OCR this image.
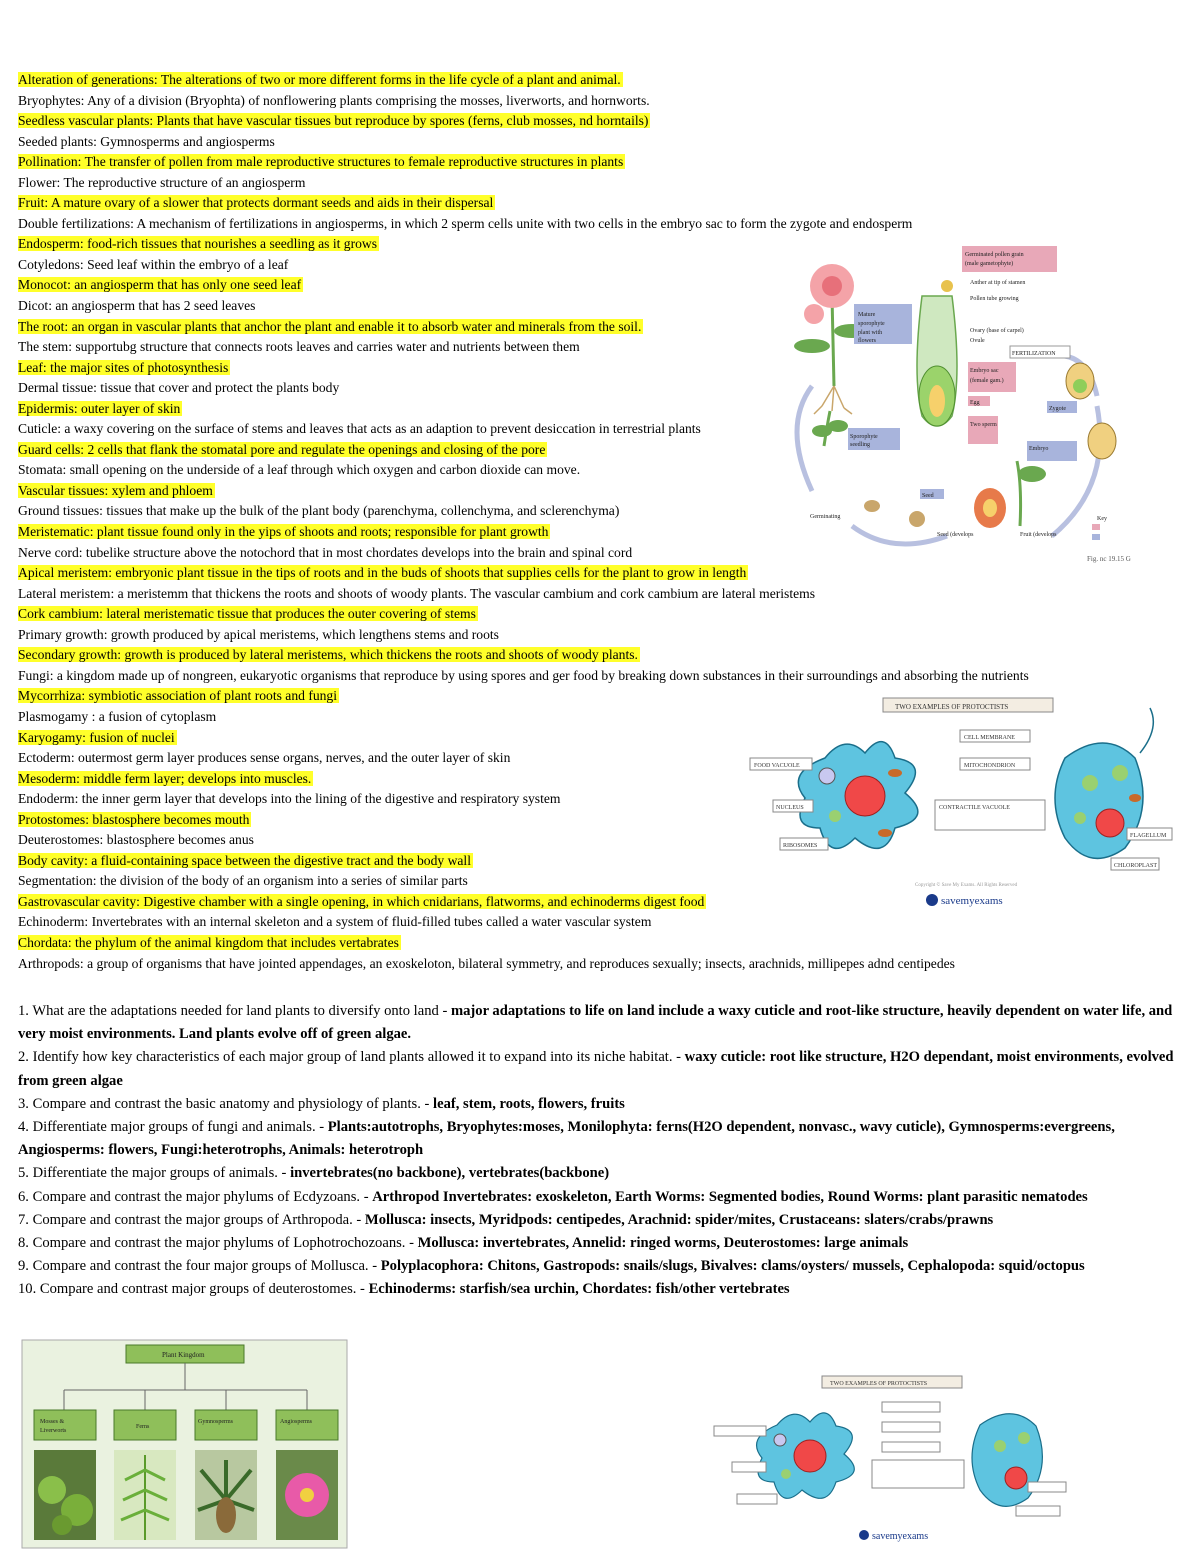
Alteration of generations: The alterations of two or more different forms in the life cycle of a plant and animal.
Bryophytes: Any of a division (Bryophta) of nonflowering plants comprising the mosses, liverworts, and hornworts.
Seedless vascular plants: Plants that have vascular tissues but reproduce by spores (ferns, club mosses, nd horntails)
Seeded plants: Gymnosperms and angiosperms
Pollination: The transfer of pollen from male reproductive structures to female reproductive structures in plants
Flower: The reproductive structure of an angiosperm
Fruit: A mature ovary of a slower that protects dormant seeds and aids in their dispersal
Double fertilizations: A mechanism of fertilizations in angiosperms, in which 2 sperm cells unite with two cells in the embryo sac to form the zygote and endosperm
Endosperm: food-rich tissues that nourishes a seedling as it grows
Cotyledons: Seed leaf within the embryo of a leaf
Monocot: an angiosperm that has only one seed leaf
Dicot: an angiosperm that has 2 seed leaves
The root: an organ in vascular plants that anchor the plant and enable it to absorb water and minerals from the soil.
The stem: supportubg structure that connects roots leaves and carries water and nutrients between them
Leaf: the major sites of photosynthesis
Dermal tissue: tissue that cover and protect the plants body
Epidermis: outer layer of skin
Cuticle: a waxy covering on the surface of stems and leaves that acts as an adaption to prevent desiccation in terrestrial plants
Guard cells: 2 cells that flank the stomatal pore and regulate the openings and closing of the pore
Stomata: small opening on the underside of a leaf through which oxygen and carbon dioxide can move.
Vascular tissues: xylem and phloem
Ground tissues: tissues that make up the bulk of the plant body (parenchyma, collenchyma, and sclerenchyma)
Meristematic: plant tissue found only in the yips of shoots and roots; responsible for plant growth
Nerve cord: tubelike structure above the notochord that in most chordates develops into the brain and spinal cord
Apical meristem: embryonic plant tissue in the tips of roots and in the buds of shoots that supplies cells for the plant to grow in length
Lateral meristem: a meristemm that thickens the roots and shoots of woody plants. The vascular cambium and cork cambium are lateral meristems
Cork cambium: lateral meristematic tissue that produces the outer covering of stems
Primary growth: growth produced by apical meristems, which lengthens stems and roots
Secondary growth: growth is produced by lateral meristems, which thickens the roots and shoots of woody plants.
Fungi: a kingdom made up of nongreen, eukaryotic organisms that reproduce by using spores and ger food by breaking down substances in their surroundings and absorbing the nutrients
Mycorrhiza: symbiotic association of plant roots and fungi
Plasmogamy : a fusion of cytoplasm
Karyogamy: fusion of nuclei
Ectoderm: outermost germ layer produces sense organs, nerves, and the outer layer of skin
Mesoderm: middle ferm layer; develops into muscles.
Endoderm: the inner germ layer that develops into the lining of the digestive and respiratory system
Protostomes: blastosphere becomes mouth
Deuterostomes: blastosphere becomes anus
Body cavity: a fluid-containing space between the digestive tract and the body wall
Segmentation: the division of the body of an organism into a series of similar parts
Gastrovascular cavity: Digestive chamber with a single opening, in which cnidarians, flatworms, and echinoderms digest food
Echinoderm: Invertebrates with an internal skeleton and a system of fluid-filled tubes called a water vascular system
Chordata: the phylum of the animal kingdom that includes vertabrates
Arthropods: a group of organisms that have jointed appendages, an exoskeloton, bilateral symmetry, and reproduces sexually; insects, arachnids, millipepes adnd centipedes
1. What are the adaptations needed for land plants to diversify onto land - major adaptations to life on land include a waxy cuticle and root-like structure, heavily dependent on water life, and very moist environments. Land plants evolve off of green algae.
2. Identify how key characteristics of each major group of land plants allowed it to expand into its niche habitat. - waxy cuticle: root like structure, H2O dependant, moist environments, evolved from green algae
3. Compare and contrast the basic anatomy and physiology of plants. - leaf, stem, roots, flowers, fruits
4. Differentiate major groups of fungi and animals. - Plants:autotrophs, Bryophytes:moses, Monilophyta: ferns(H2O dependent, nonvasc., wavy cuticle), Gymnosperms:evergreens, Angiosperms: flowers, Fungi:heterotrophs, Animals: heterotroph
5. Differentiate the major groups of animals. - invertebrates(no backbone), vertebrates(backbone)
6. Compare and contrast the major phylums of Ecdyzoans. - Arthropod Invertebrates: exoskeleton, Earth Worms: Segmented bodies, Round Worms: plant parasitic nematodes
7. Compare and contrast the major groups of Arthropoda. - Mollusca: insects, Myridpods: centipedes, Arachnid: spider/mites, Crustaceans: slaters/crabs/prawns
8. Compare and contrast the major phylums of Lophotrochozoans. - Mollusca: invertebrates, Annelid: ringed worms, Deuterostomes: large animals
9. Compare and contrast the four major groups of Mollusca. - Polyplacophora: Chitons, Gastropods: snails/slugs, Bivalves: clams/oysters/ mussels, Cephalopoda: squid/octopus
10. Compare and contrast major groups of deuterostomes. - Echinoderms: starfish/sea urchin, Chordates: fish/other vertebrates
Mature
sporophyte
plant with
flowers
Germinated pollen grain
(male gametophyte)
Anther at tip of stamen
Pollen tube growing
Ovary (base of carpel)
Ovule
Embryo sac
(female gam.)
Egg
Two sperm
FERTILIZATION
Zygote
Embryo
Seed
Seed (develops	Fruit (develops
Sporophyte
seedling
Germinating	Key
Fig. nc 19.15 G
TWO EXAMPLES OF PROTOCTISTS
CELL MEMBRANE
MITOCHONDRION
FOOD VACUOLE
NUCLEUS
RIBOSOMES
CONTRACTILE VACUOLE
FLAGELLUM
CHLOROPLAST
Copyright © Save My Exams. All Rights Reserved
savemyexams
Plant Kingdom
Mosses &
Liverworts
Ferns
Gymnosperms	Angiosperms
TWO EXAMPLES OF PROTOCTISTS
savemyexams
